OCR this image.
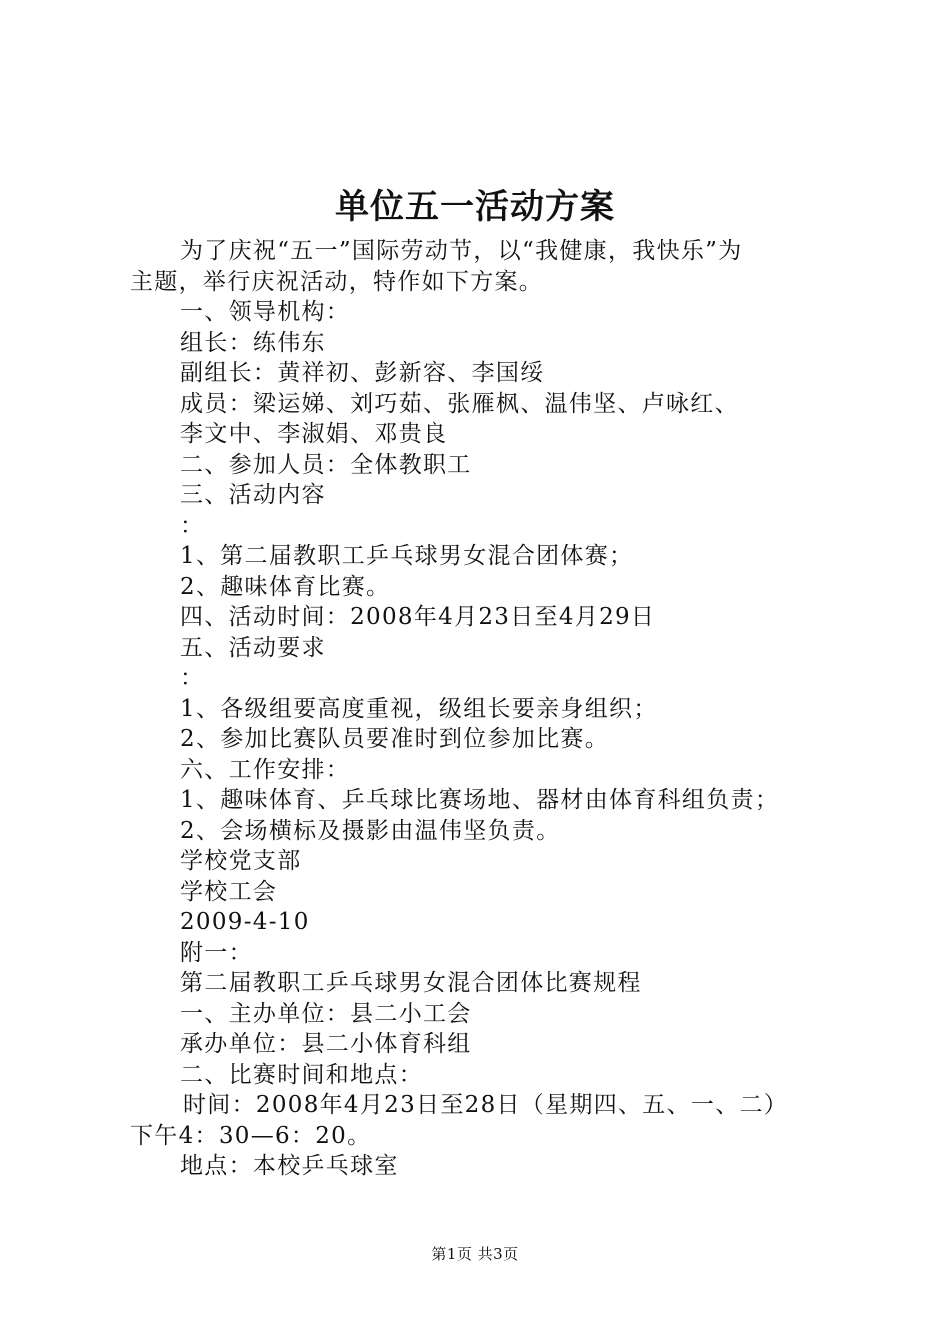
单位五一活动方案
为了庆祝“五一”国际劳动节，以“我健康，我快乐”为
主题，举行庆祝活动，特作如下方案。
一、领导机构：
组长：练伟东
副组长：黄祥初、彭新容、李国绥
成员：梁运娣、刘巧茹、张雁枫、温伟坚、卢咏红、
李文中、李淑娟、邓贵良
二、参加人员：全体教职工
三、活动内容
：
1、第二届教职工乒乓球男女混合团体赛；
2、趣味体育比赛。
四、活动时间：2008年4月23日至4月29日
五、活动要求
：
1、各级组要高度重视，级组长要亲身组织；
2、参加比赛队员要准时到位参加比赛。
六、工作安排：
1、趣味体育、乒乓球比赛场地、器材由体育科组负责；
2、会场横标及摄影由温伟坚负责。
学校党支部
学校工会
2009-4-10
附一：
第二届教职工乒乓球男女混合团体比赛规程
一、主办单位：县二小工会
承办单位：县二小体育科组
二、比赛时间和地点：
时间：2008年4月23日至28日（星期四、五、一、二）
下午4：30—6：20。
地点：本校乒乓球室
第1页 共3页
